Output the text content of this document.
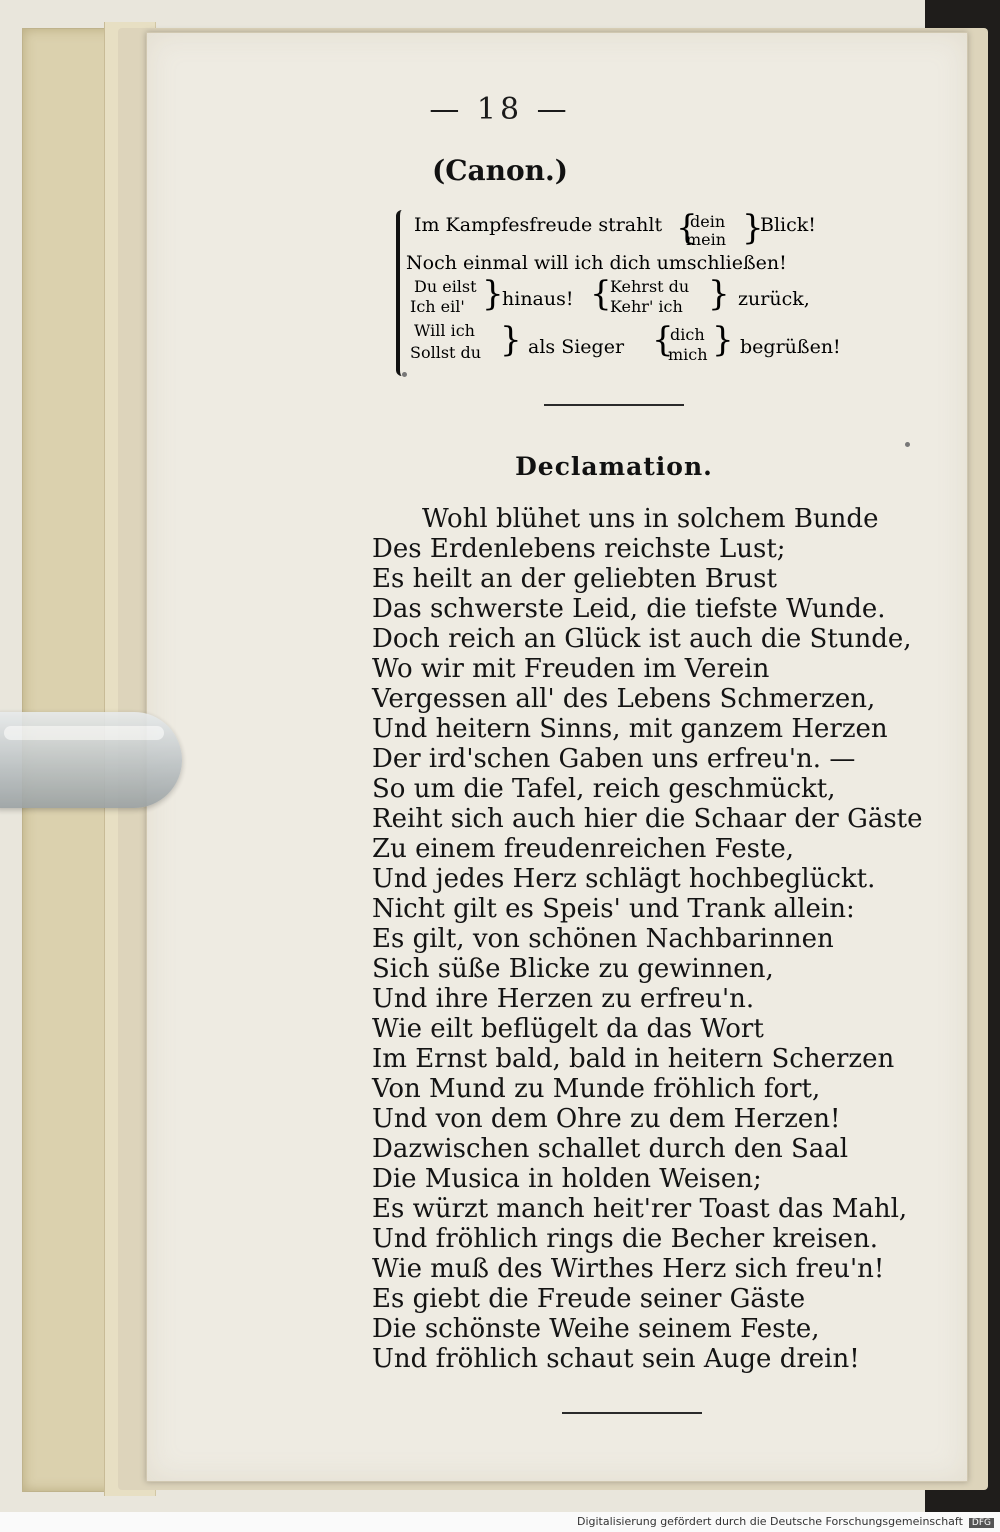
— 18 —
(Canon.)
Im Kampfesfreude strahlt {
dein
mein }
Blick!
Noch einmal will ich dich umschließen!
Du eilst
Ich eil' }
hinaus! {
Kehrst du
Kehr' ich } zurück,
Will ich
Sollst du } als Sieger {
dich
mich } begrüßen!
Declamation.
Wohl blühet uns in solchem Bunde
Des Erdenlebens reichste Lust;
Es heilt an der geliebten Brust
Das schwerste Leid, die tiefste Wunde.
Doch reich an Glück ist auch die Stunde,
Wo wir mit Freuden im Verein
Vergessen all' des Lebens Schmerzen,
Und heitern Sinns, mit ganzem Herzen
Der ird'schen Gaben uns erfreu'n. —
So um die Tafel, reich geschmückt,
Reiht sich auch hier die Schaar der Gäste
Zu einem freudenreichen Feste,
Und jedes Herz schlägt hochbeglückt.
Nicht gilt es Speis' und Trank allein:
Es gilt, von schönen Nachbarinnen
Sich süße Blicke zu gewinnen,
Und ihre Herzen zu erfreu'n.
Wie eilt beflügelt da das Wort
Im Ernst bald, bald in heitern Scherzen
Von Mund zu Munde fröhlich fort,
Und von dem Ohre zu dem Herzen!
Dazwischen schallet durch den Saal
Die Musica in holden Weisen;
Es würzt manch heit'rer Toast das Mahl,
Und fröhlich rings die Becher kreisen.
Wie muß des Wirthes Herz sich freu'n!
Es giebt die Freude seiner Gäste
Die schönste Weihe seinem Feste,
Und fröhlich schaut sein Auge drein!
Digitalisierung gefördert durch die Deutsche Forschungsgemeinschaft DFG
